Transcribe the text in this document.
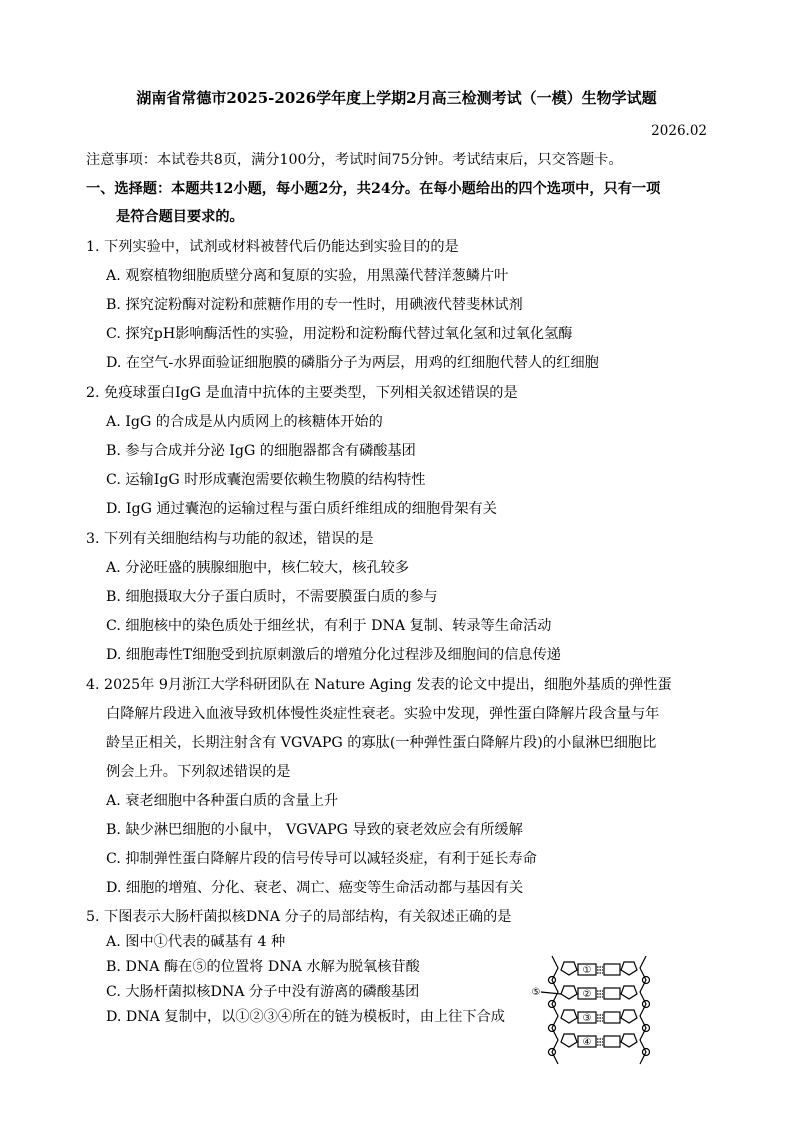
湖南省常德市2025-2026学年度上学期2月高三检测考试（一模）生物学试题
2026.02
注意事项：本试卷共8页，满分100分，考试时间75分钟。考试结束后，只交答题卡。
一、选择题：本题共12小题，每小题2分，共24分。在每小题给出的四个选项中，只有一项
是符合题目要求的。
1. 下列实验中，试剂或材料被替代后仍能达到实验目的的是
A. 观察植物细胞质壁分离和复原的实验，用黑藻代替洋葱鳞片叶
B. 探究淀粉酶对淀粉和蔗糖作用的专一性时，用碘液代替斐林试剂
C. 探究pH影响酶活性的实验，用淀粉和淀粉酶代替过氧化氢和过氧化氢酶
D. 在空气-水界面验证细胞膜的磷脂分子为两层，用鸡的红细胞代替人的红细胞
2. 免疫球蛋白IgG 是血清中抗体的主要类型，下列相关叙述错误的是
A. IgG 的合成是从内质网上的核糖体开始的
B. 参与合成并分泌 IgG 的细胞器都含有磷酸基团
C. 运输IgG 时形成囊泡需要依赖生物膜的结构特性
D. IgG 通过囊泡的运输过程与蛋白质纤维组成的细胞骨架有关
3. 下列有关细胞结构与功能的叙述，错误的是
A. 分泌旺盛的胰腺细胞中，核仁较大，核孔较多
B. 细胞摄取大分子蛋白质时，不需要膜蛋白质的参与
C. 细胞核中的染色质处于细丝状，有利于 DNA 复制、转录等生命活动
D. 细胞毒性T细胞受到抗原刺激后的增殖分化过程涉及细胞间的信息传递
4. 2025年 9月浙江大学科研团队在 Nature Aging 发表的论文中提出，细胞外基质的弹性蛋
白降解片段进入血液导致机体慢性炎症性衰老。实验中发现，弹性蛋白降解片段含量与年
龄呈正相关，长期注射含有 VGVAPG 的寡肽(一种弹性蛋白降解片段)的小鼠淋巴细胞比
例会上升。下列叙述错误的是
A. 衰老细胞中各种蛋白质的含量上升
B. 缺少淋巴细胞的小鼠中， VGVAPG 导致的衰老效应会有所缓解
C. 抑制弹性蛋白降解片段的信号传导可以减轻炎症，有利于延长寿命
D. 细胞的增殖、分化、衰老、凋亡、癌变等生命活动都与基因有关
5. 下图表示大肠杆菌拟核DNA 分子的局部结构，有关叙述正确的是
A. 图中①代表的碱基有 4 种
B. DNA 酶在⑤的位置将 DNA 水解为脱氧核苷酸
C. 大肠杆菌拟核DNA 分子中没有游离的磷酸基团
D. DNA 复制中，以①②③④所在的链为模板时，由上往下合成
①
②
③
④
⑤
